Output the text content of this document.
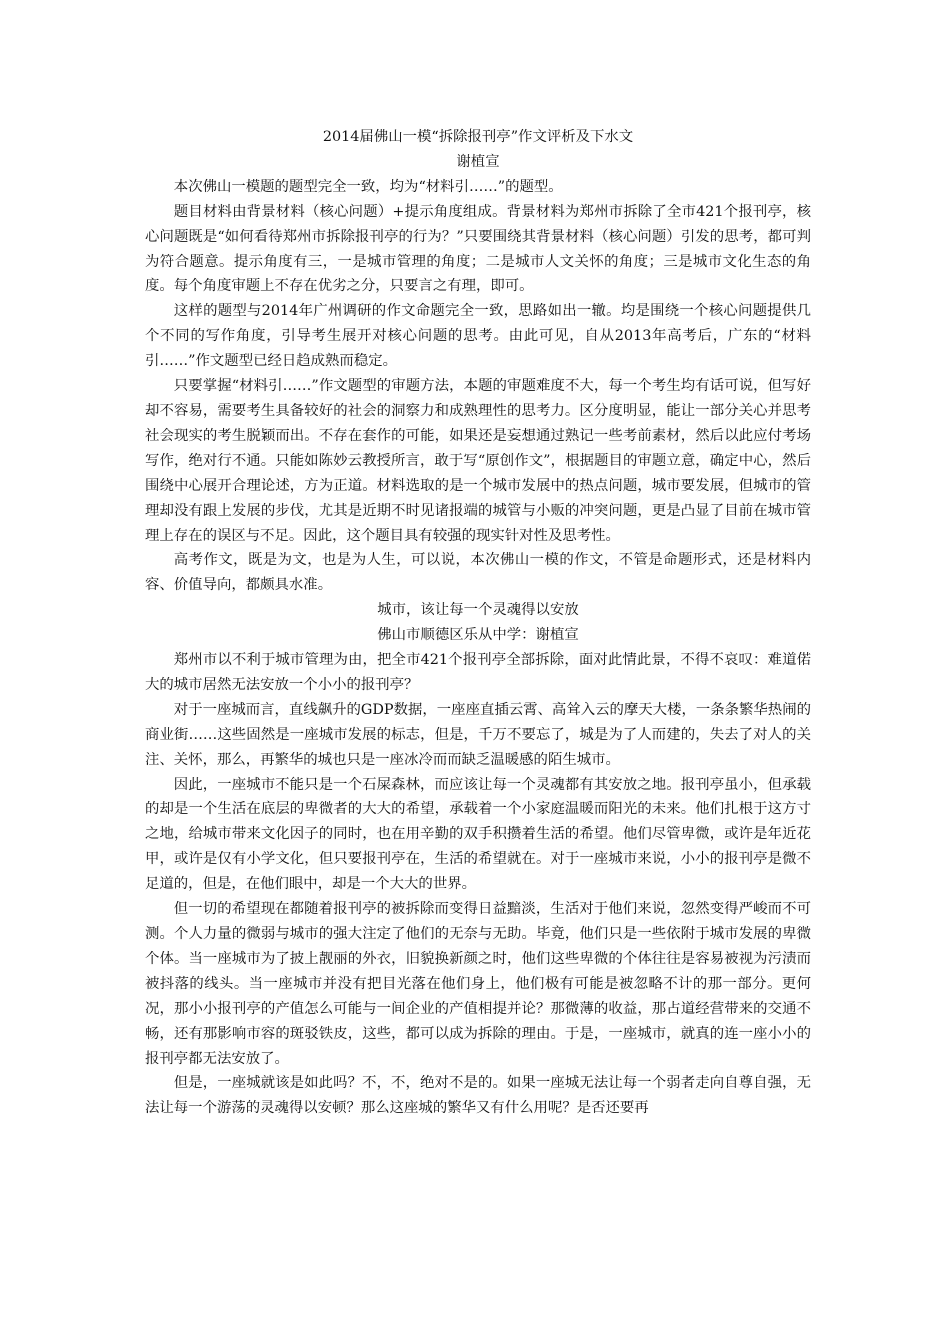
2014届佛山一模“拆除报刊亭”作文评析及下水文

谢植宣

本次佛山一模题的题型完全一致，均为“材料引……”的题型。

题目材料由背景材料（核心问题）+提示角度组成。背景材料为郑州市拆除了全市421个报刊亭，核心问题既是“如何看待郑州市拆除报刊亭的行为？”只要围绕其背景材料（核心问题）引发的思考，都可判为符合题意。提示角度有三，一是城市管理的角度；二是城市人文关怀的角度；三是城市文化生态的角度。每个角度审题上不存在优劣之分，只要言之有理，即可。

这样的题型与2014年广州调研的作文命题完全一致，思路如出一辙。均是围绕一个核心问题提供几个不同的写作角度，引导考生展开对核心问题的思考。由此可见，自从2013年高考后，广东的“材料引……”作文题型已经日趋成熟而稳定。

只要掌握“材料引……”作文题型的审题方法，本题的审题难度不大，每一个考生均有话可说，但写好却不容易，需要考生具备较好的社会的洞察力和成熟理性的思考力。区分度明显，能让一部分关心并思考社会现实的考生脱颖而出。不存在套作的可能，如果还是妄想通过熟记一些考前素材，然后以此应付考场写作，绝对行不通。只能如陈妙云教授所言，敢于写“原创作文”，根据题目的审题立意，确定中心，然后围绕中心展开合理论述，方为正道。材料选取的是一个城市发展中的热点问题，城市要发展，但城市的管理却没有跟上发展的步伐，尤其是近期不时见诸报端的城管与小贩的冲突问题，更是凸显了目前在城市管理上存在的误区与不足。因此，这个题目具有较强的现实针对性及思考性。

高考作文，既是为文，也是为人生，可以说，本次佛山一模的作文，不管是命题形式，还是材料内容、价值导向，都颇具水准。

城市，该让每一个灵魂得以安放

佛山市顺德区乐从中学：谢植宣

郑州市以不利于城市管理为由，把全市421个报刊亭全部拆除，面对此情此景，不得不哀叹：难道偌大的城市居然无法安放一个小小的报刊亭？

对于一座城而言，直线飙升的GDP数据，一座座直插云霄、高耸入云的摩天大楼，一条条繁华热闹的商业街……这些固然是一座城市发展的标志，但是，千万不要忘了，城是为了人而建的，失去了对人的关注、关怀，那么，再繁华的城也只是一座冰冷而而缺乏温暖感的陌生城市。

因此，一座城市不能只是一个石屎森林，而应该让每一个灵魂都有其安放之地。报刊亭虽小，但承载的却是一个生活在底层的卑微者的大大的希望，承载着一个小家庭温暖而阳光的未来。他们扎根于这方寸之地，给城市带来文化因子的同时，也在用辛勤的双手积攒着生活的希望。他们尽管卑微，或许是年近花甲，或许是仅有小学文化，但只要报刊亭在，生活的希望就在。对于一座城市来说，小小的报刊亭是微不足道的，但是，在他们眼中，却是一个大大的世界。

但一切的希望现在都随着报刊亭的被拆除而变得日益黯淡，生活对于他们来说，忽然变得严峻而不可测。个人力量的微弱与城市的强大注定了他们的无奈与无助。毕竟，他们只是一些依附于城市发展的卑微个体。当一座城市为了披上靓丽的外衣，旧貌换新颜之时，他们这些卑微的个体往往是容易被视为污渍而被抖落的线头。当一座城市并没有把目光落在他们身上，他们极有可能是被忽略不计的那一部分。更何况，那小小报刊亭的产值怎么可能与一间企业的产值相提并论？那微薄的收益，那占道经营带来的交通不畅，还有那影响市容的斑驳铁皮，这些，都可以成为拆除的理由。于是，一座城市，就真的连一座小小的报刊亭都无法安放了。

但是，一座城就该是如此吗？不，不，绝对不是的。如果一座城无法让每一个弱者走向自尊自强，无法让每一个游荡的灵魂得以安顿？那么这座城的繁华又有什么用呢？是否还要再
